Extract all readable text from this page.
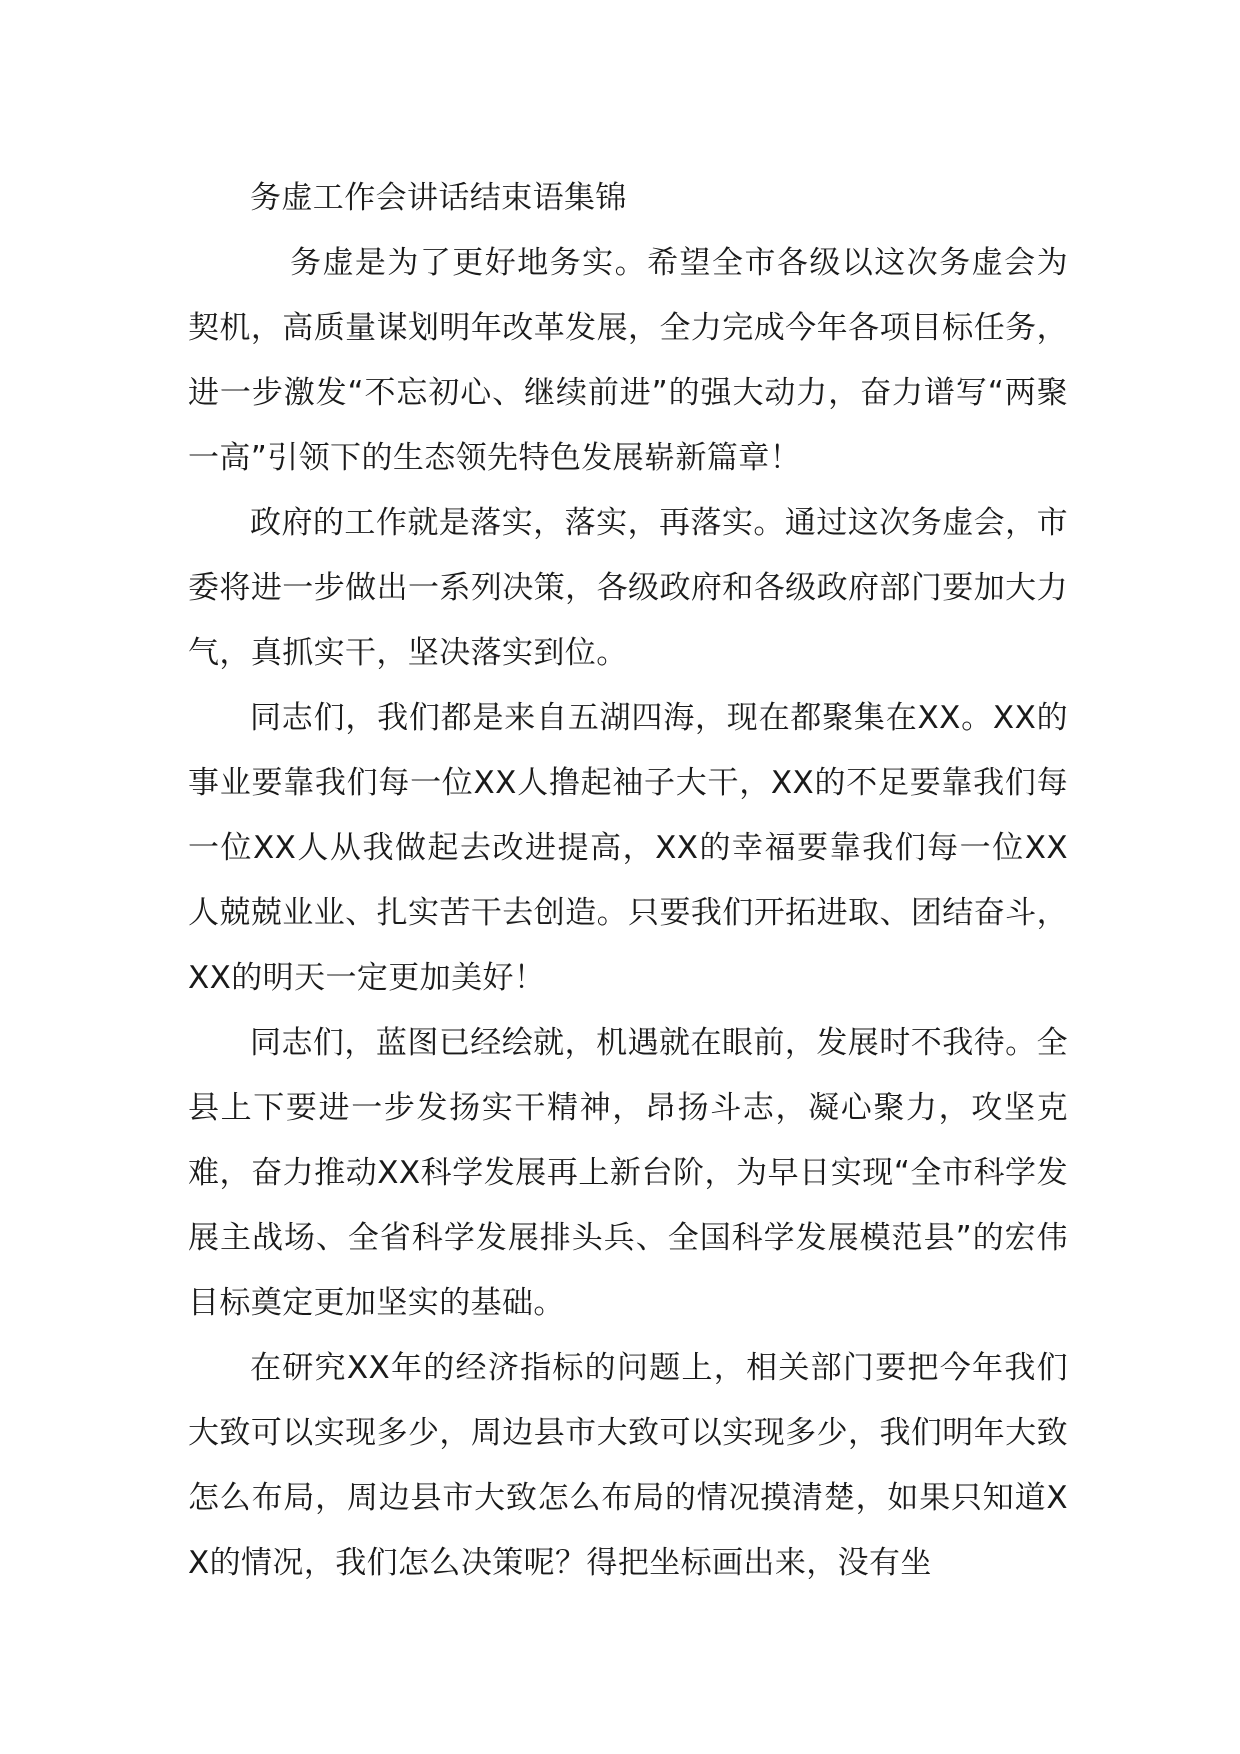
务虚工作会讲话结束语集锦

务虚是为了更好地务实。希望全市各级以这次务虚会为契机，高质量谋划明年改革发展，全力完成今年各项目标任务，进一步激发“不忘初心、继续前进”的强大动力，奋力谱写“两聚一高”引领下的生态领先特色发展崭新篇章！

政府的工作就是落实，落实，再落实。通过这次务虚会，市委将进一步做出一系列决策，各级政府和各级政府部门要加大力气，真抓实干，坚决落实到位。

同志们，我们都是来自五湖四海，现在都聚集在XX。XX的事业要靠我们每一位XX人撸起袖子大干，XX的不足要靠我们每一位XX人从我做起去改进提高，XX的幸福要靠我们每一位XX人兢兢业业、扎实苦干去创造。只要我们开拓进取、团结奋斗，XX的明天一定更加美好！

同志们，蓝图已经绘就，机遇就在眼前，发展时不我待。全县上下要进一步发扬实干精神，昂扬斗志，凝心聚力，攻坚克难，奋力推动XX科学发展再上新台阶，为早日实现“全市科学发展主战场、全省科学发展排头兵、全国科学发展模范县”的宏伟目标奠定更加坚实的基础。

在研究XX年的经济指标的问题上，相关部门要把今年我们大致可以实现多少，周边县市大致可以实现多少，我们明年大致怎么布局，周边县市大致怎么布局的情况摸清楚，如果只知道XX的情况，我们怎么决策呢？得把坐标画出来，没有坐
